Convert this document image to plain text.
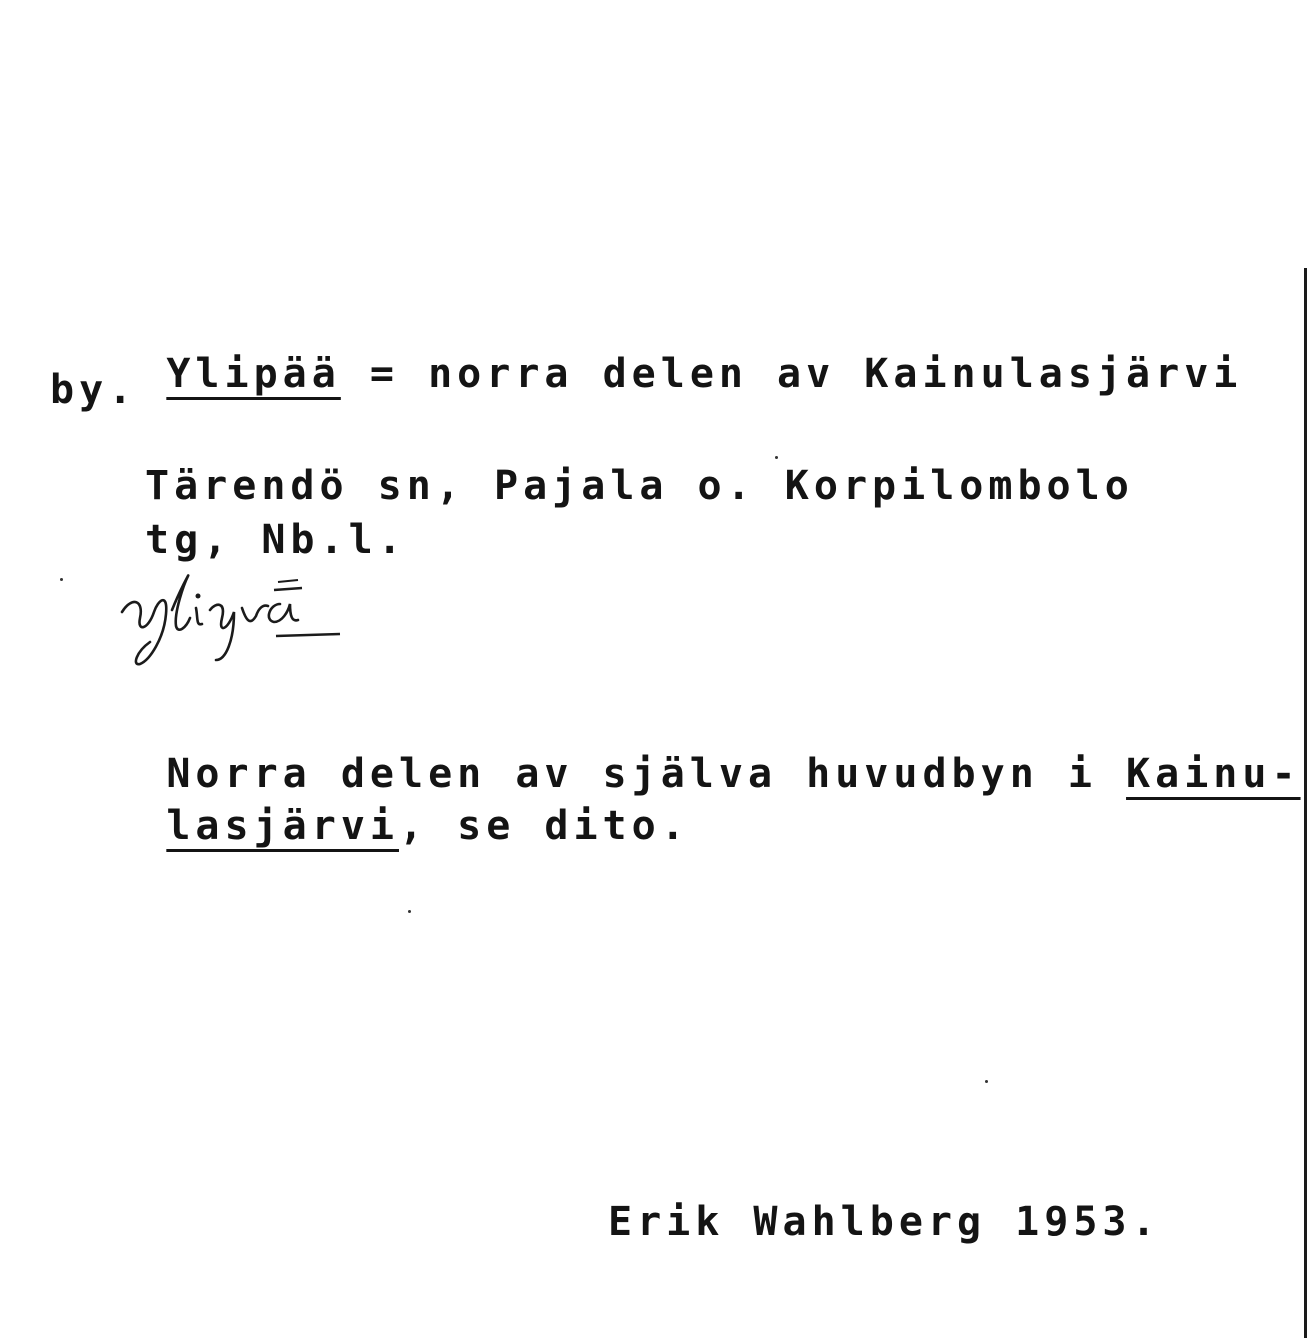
Ylipää = norra delen av Kainulasjärvi

by.
Tärendö sn, Pajala o. Korpilombolo
tg, Nb.l.

Norra delen av själva huvudbyn i Kainu-

lasjärvi, se dito.

Erik Wahlberg 1953.
